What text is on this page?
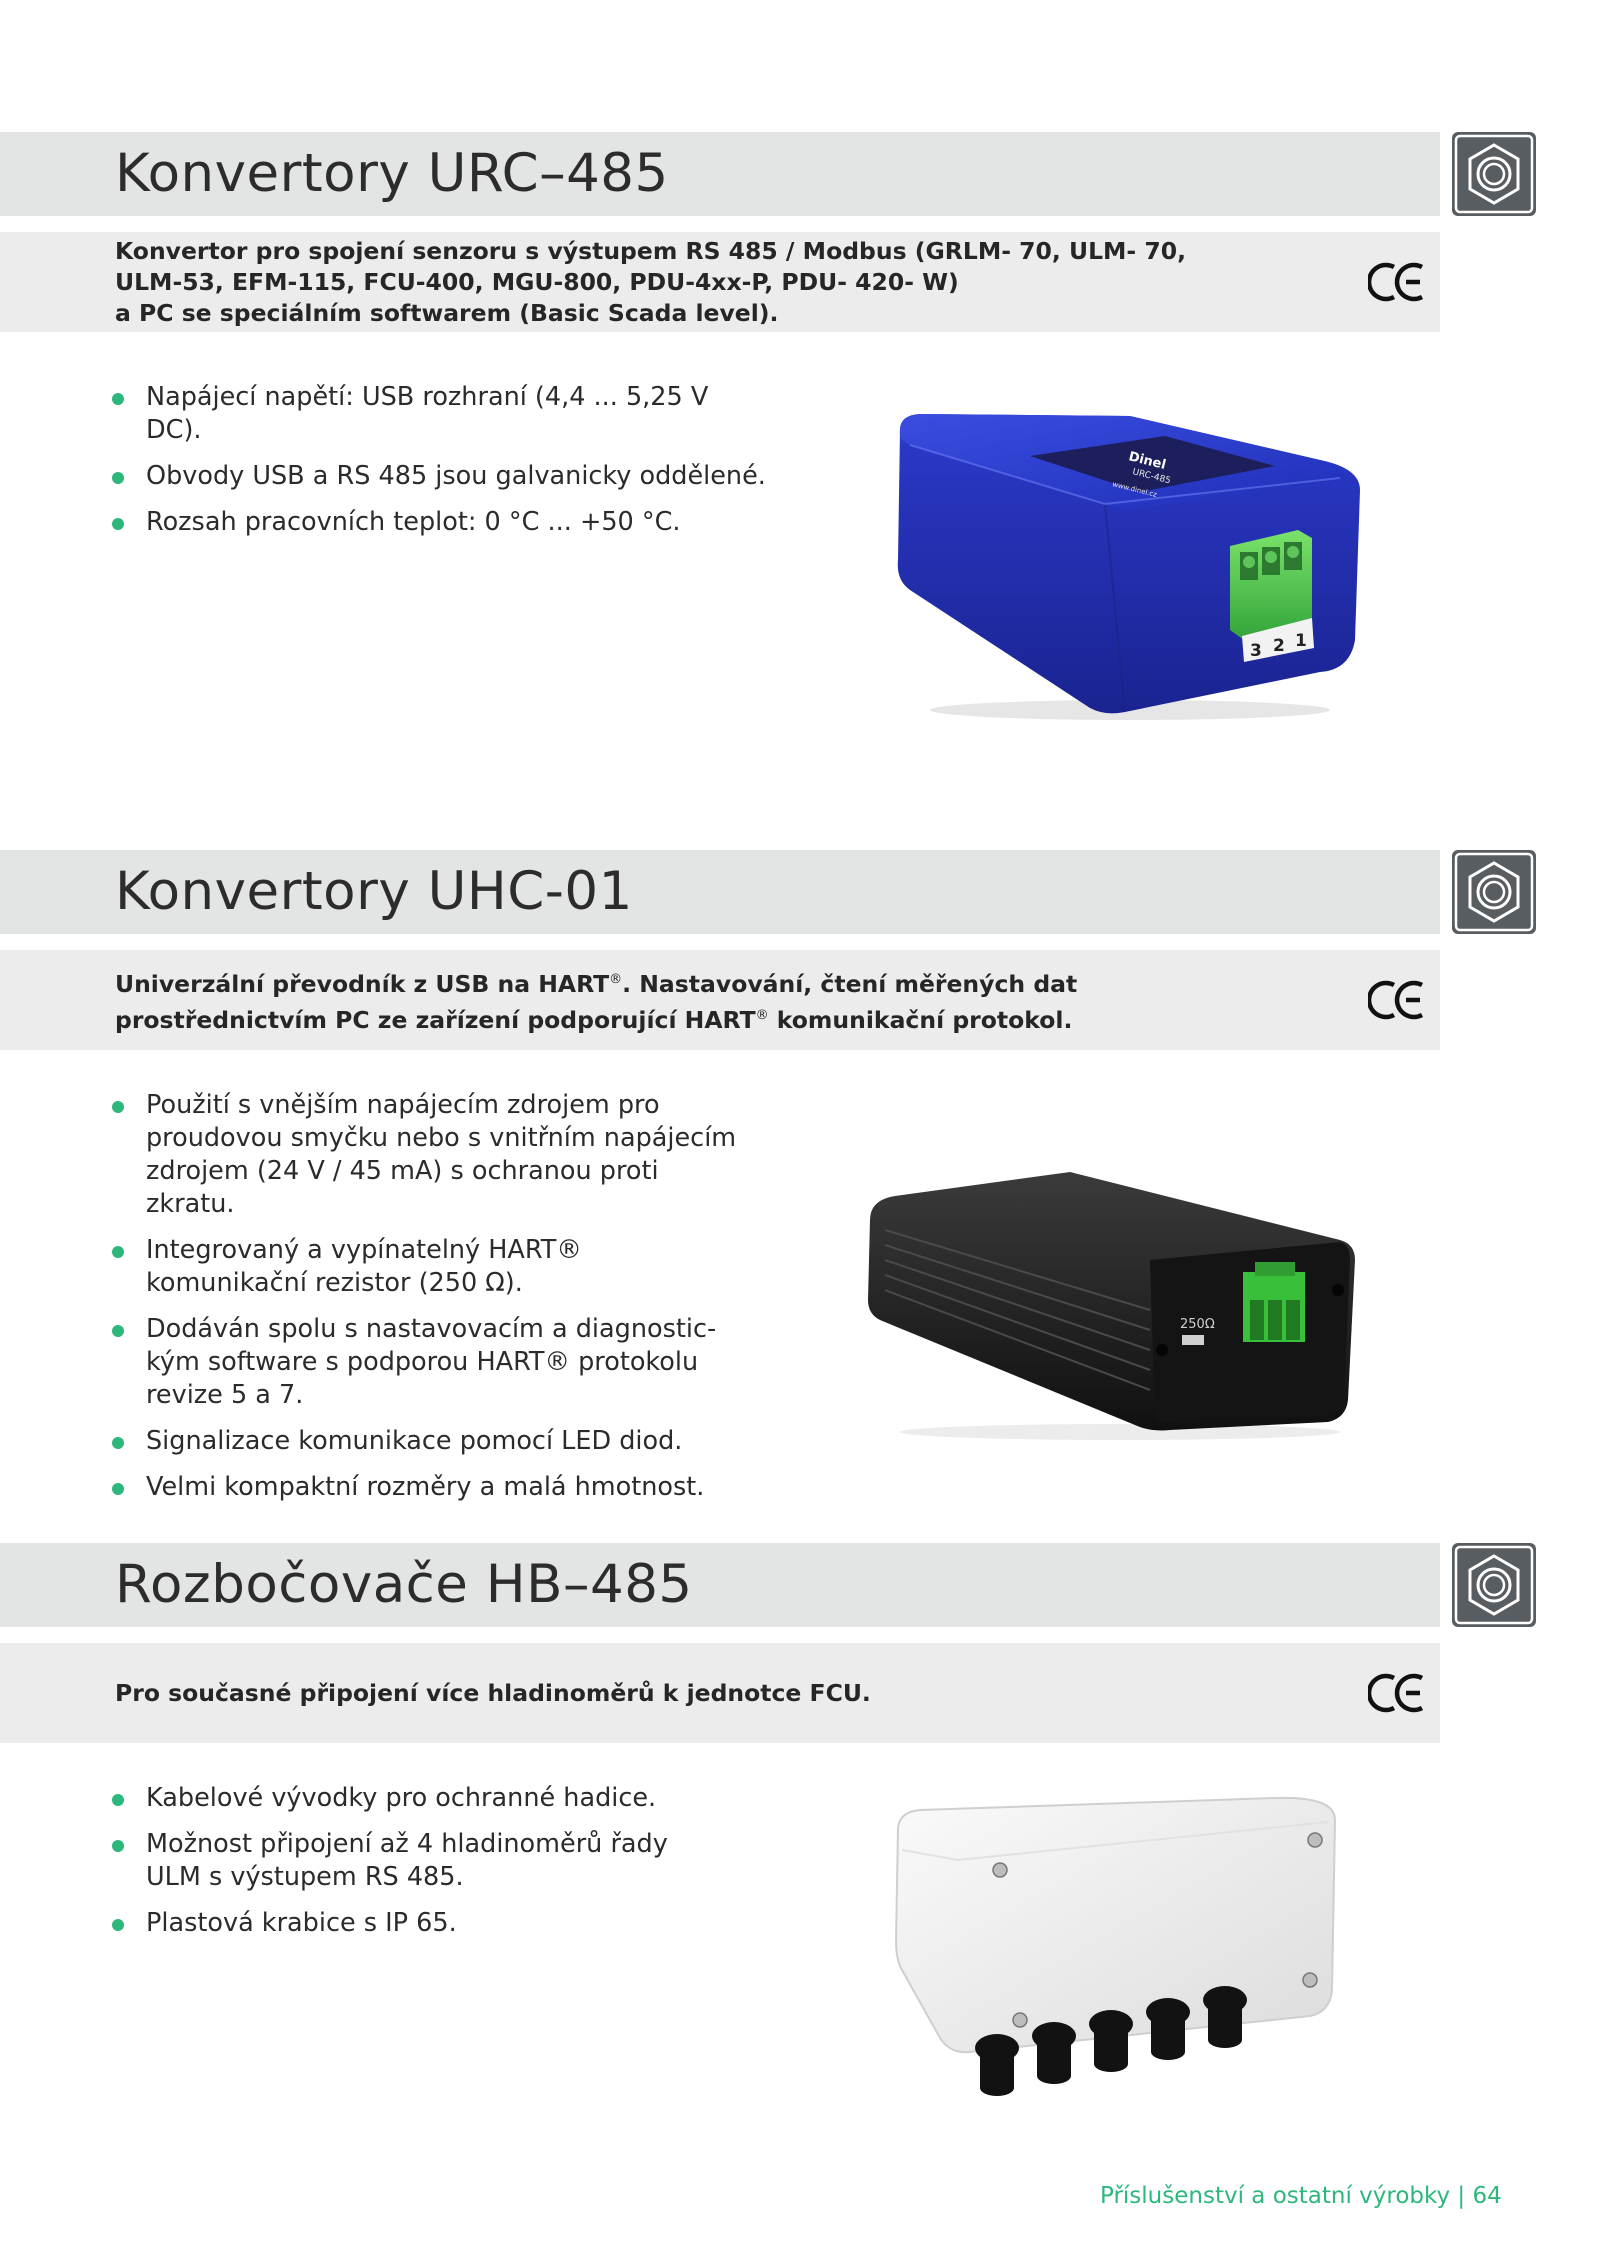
Konvertory URC–485
Konvertor pro spojení senzoru s výstupem RS 485 / Modbus (GRLM- 70, ULM- 70,
ULM-53, EFM-115, FCU-400, MGU-800, PDU-4xx-P, PDU- 420- W)
a PC se speciálním softwarem (Basic Scada level).
Napájecí napětí: USB rozhraní (4,4 ... 5,25 V DC).
Obvody USB a RS 485 jsou galvanicky oddělené.
Rozsah pracovních teplot: 0 °C ... +50 °C.
Dinel
URC-485
www.dinel.cz
3 2 1
Konvertory UHC-01
Univerzální převodník z USB na HART®. Nastavování, čtení měřených dat
prostřednictvím PC ze zařízení podporující HART® komunikační protokol.
Použití s vnějším napájecím zdrojem pro proudovou smyčku nebo s vnitřním napájecím zdrojem (24 V / 45 mA) s ochranou proti zkratu.
Integrovaný a vypínatelný HART® komunikační rezistor (250 Ω).
Dodáván spolu s nastavovacím a diagnostic-kým software s podporou HART® protokolu revize 5 a 7.
Signalizace komunikace pomocí LED diod.
Velmi kompaktní rozměry a malá hmotnost.
250Ω
Rozbočovače HB–485
Pro současné připojení více hladinoměrů k jednotce FCU.
Kabelové vývodky pro ochranné hadice.
Možnost připojení až 4 hladinoměrů řady ULM s výstupem RS 485.
Plastová krabice s IP 65.
Příslušenství a ostatní výrobky | 64
